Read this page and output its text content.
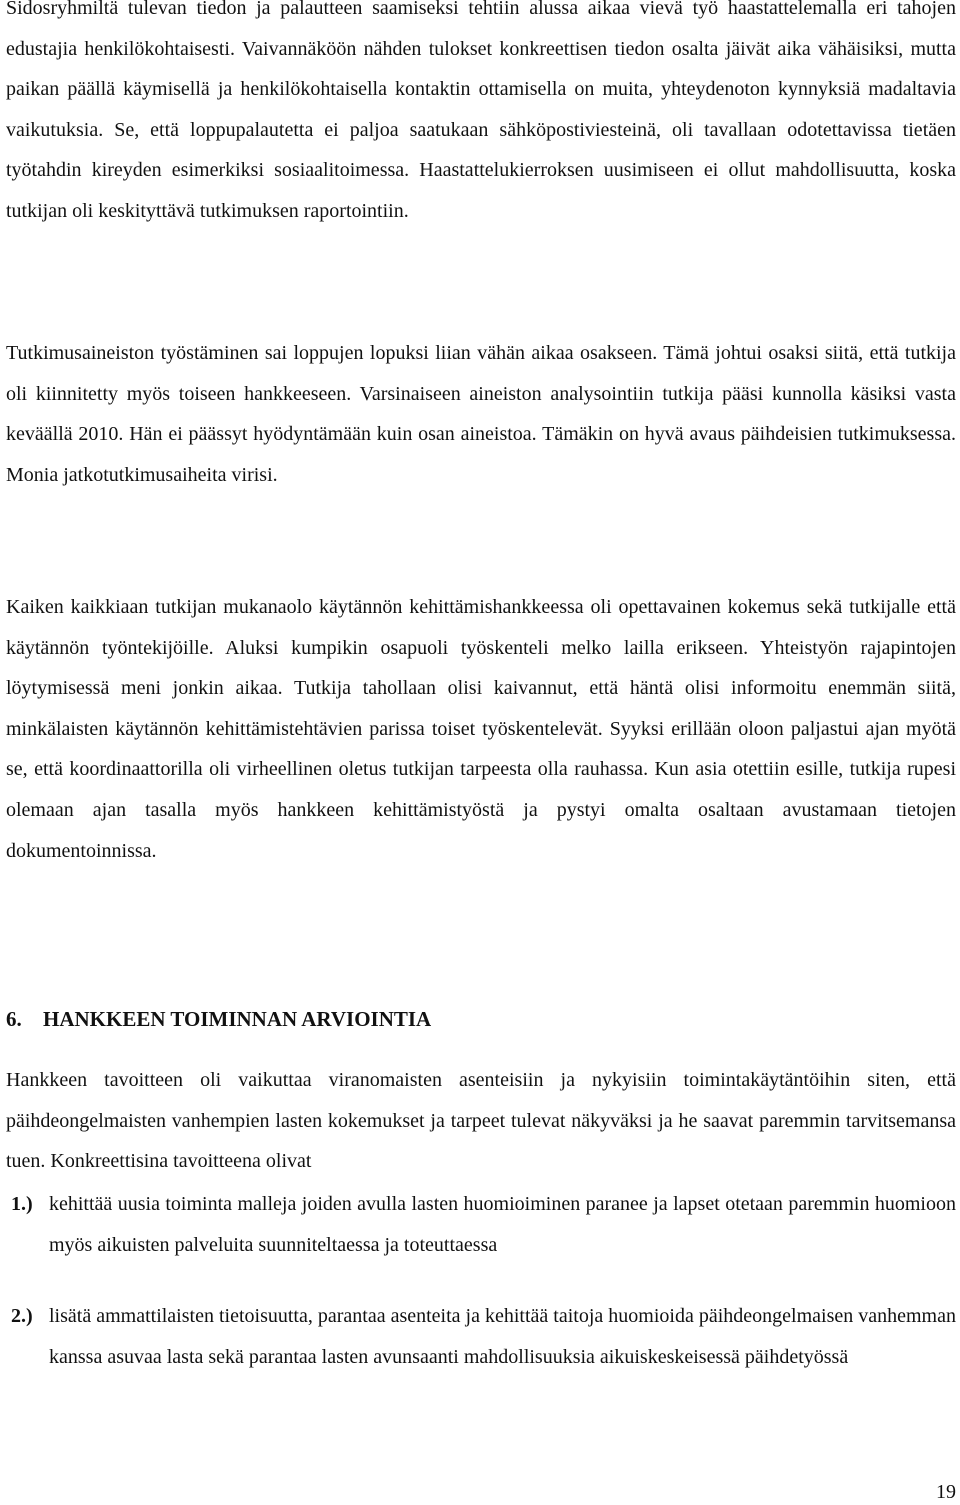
Sidosryhmiltä tulevan tiedon ja palautteen saamiseksi tehtiin alussa aikaa vievä työ haastattelemalla eri tahojen edustajia henkilökohtaisesti. Vaivannäköön nähden tulokset konkreettisen tiedon osalta jäivät aika vähäisiksi, mutta paikan päällä käymisellä ja henkilökohtaisella kontaktin ottamisella on muita, yhteydenoton kynnyksiä madaltavia vaikutuksia. Se, että loppupalautetta ei paljoa saatukaan sähköpostiviesteinä, oli tavallaan odotettavissa tietäen työtahdin kireyden esimerkiksi sosiaalitoimessa. Haastattelukierroksen uusimiseen ei ollut mahdollisuutta, koska tutkijan oli keskityttävä tutkimuksen raportointiin.

Tutkimusaineiston työstäminen sai loppujen lopuksi liian vähän aikaa osakseen. Tämä johtui osaksi siitä, että tutkija oli kiinnitetty myös toiseen hankkeeseen. Varsinaiseen aineiston analysointiin tutkija pääsi kunnolla käsiksi vasta keväällä 2010. Hän ei päässyt hyödyntämään kuin osan aineistoa. Tämäkin on hyvä avaus päihdeisien tutkimuksessa. Monia jatkotutkimusaiheita virisi.

Kaiken kaikkiaan tutkijan mukanaolo käytännön kehittämishankkeessa oli opettavainen kokemus sekä tutkijalle että käytännön työntekijöille. Aluksi kumpikin osapuoli työskenteli melko lailla erikseen. Yhteistyön rajapintojen löytymisessä meni jonkin aikaa. Tutkija tahollaan olisi kaivannut, että häntä olisi informoitu enemmän siitä, minkälaisten käytännön kehittämistehtävien parissa toiset työskentelevät. Syyksi erillään oloon paljastui ajan myötä se, että koordinaattorilla oli virheellinen oletus tutkijan tarpeesta olla rauhassa. Kun asia otettiin esille, tutkija rupesi olemaan ajan tasalla myös hankkeen kehittämistyöstä ja pystyi omalta osaltaan avustamaan tietojen dokumentoinnissa.

6. HANKKEEN TOIMINNAN ARVIOINTIA

Hankkeen tavoitteen oli vaikuttaa viranomaisten asenteisiin ja nykyisiin toimintakäytäntöihin siten, että päihdeongelmaisten vanhempien lasten kokemukset ja tarpeet tulevat näkyväksi ja he saavat paremmin tarvitsemansa tuen. Konkreettisina tavoitteena olivat

1.) kehittää uusia toiminta malleja joiden avulla lasten huomioiminen paranee ja lapset otetaan paremmin huomioon myös aikuisten palveluita suunniteltaessa ja toteuttaessa

2.) lisätä ammattilaisten tietoisuutta, parantaa asenteita ja kehittää taitoja huomioida päihdeongelmaisen vanhemman kanssa asuvaa lasta sekä parantaa lasten avunsaanti mahdollisuuksia aikuiskeskeisessä päihdetyössä

19
